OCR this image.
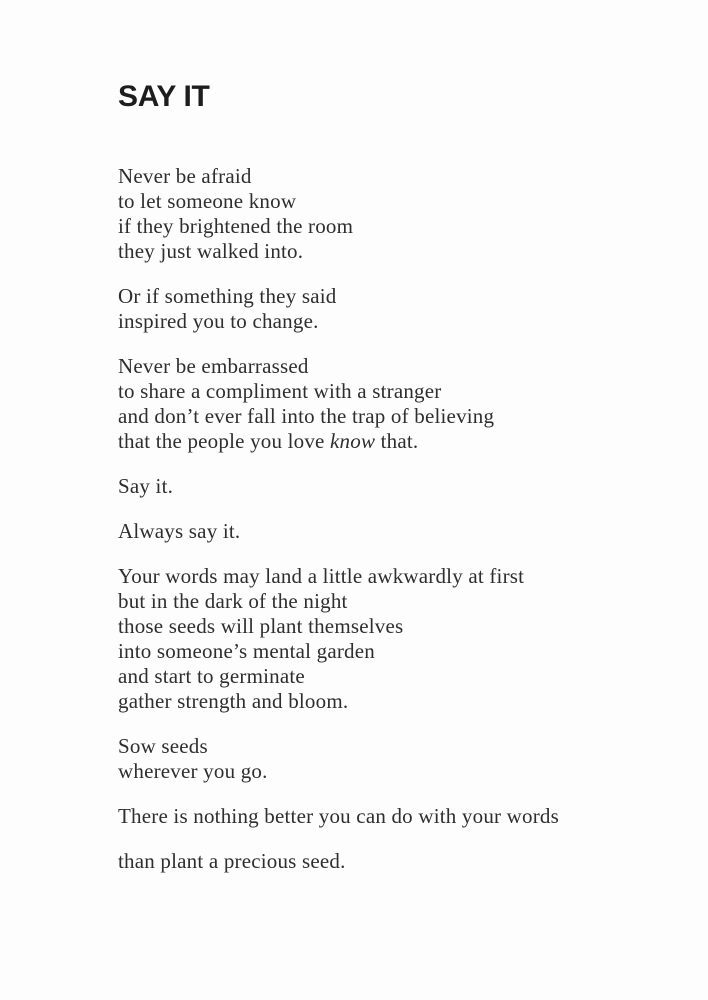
SAY IT

Never be afraid
to let someone know
if they brightened the room
they just walked into.

Or if something they said
inspired you to change.

Never be embarrassed
to share a compliment with a stranger
and don’t ever fall into the trap of believing
that the people you love know that.

Say it.

Always say it.

Your words may land a little awkwardly at first
but in the dark of the night
those seeds will plant themselves
into someone’s mental garden
and start to germinate
gather strength and bloom.

Sow seeds
wherever you go.

There is nothing better you can do with your words

than plant a precious seed.
